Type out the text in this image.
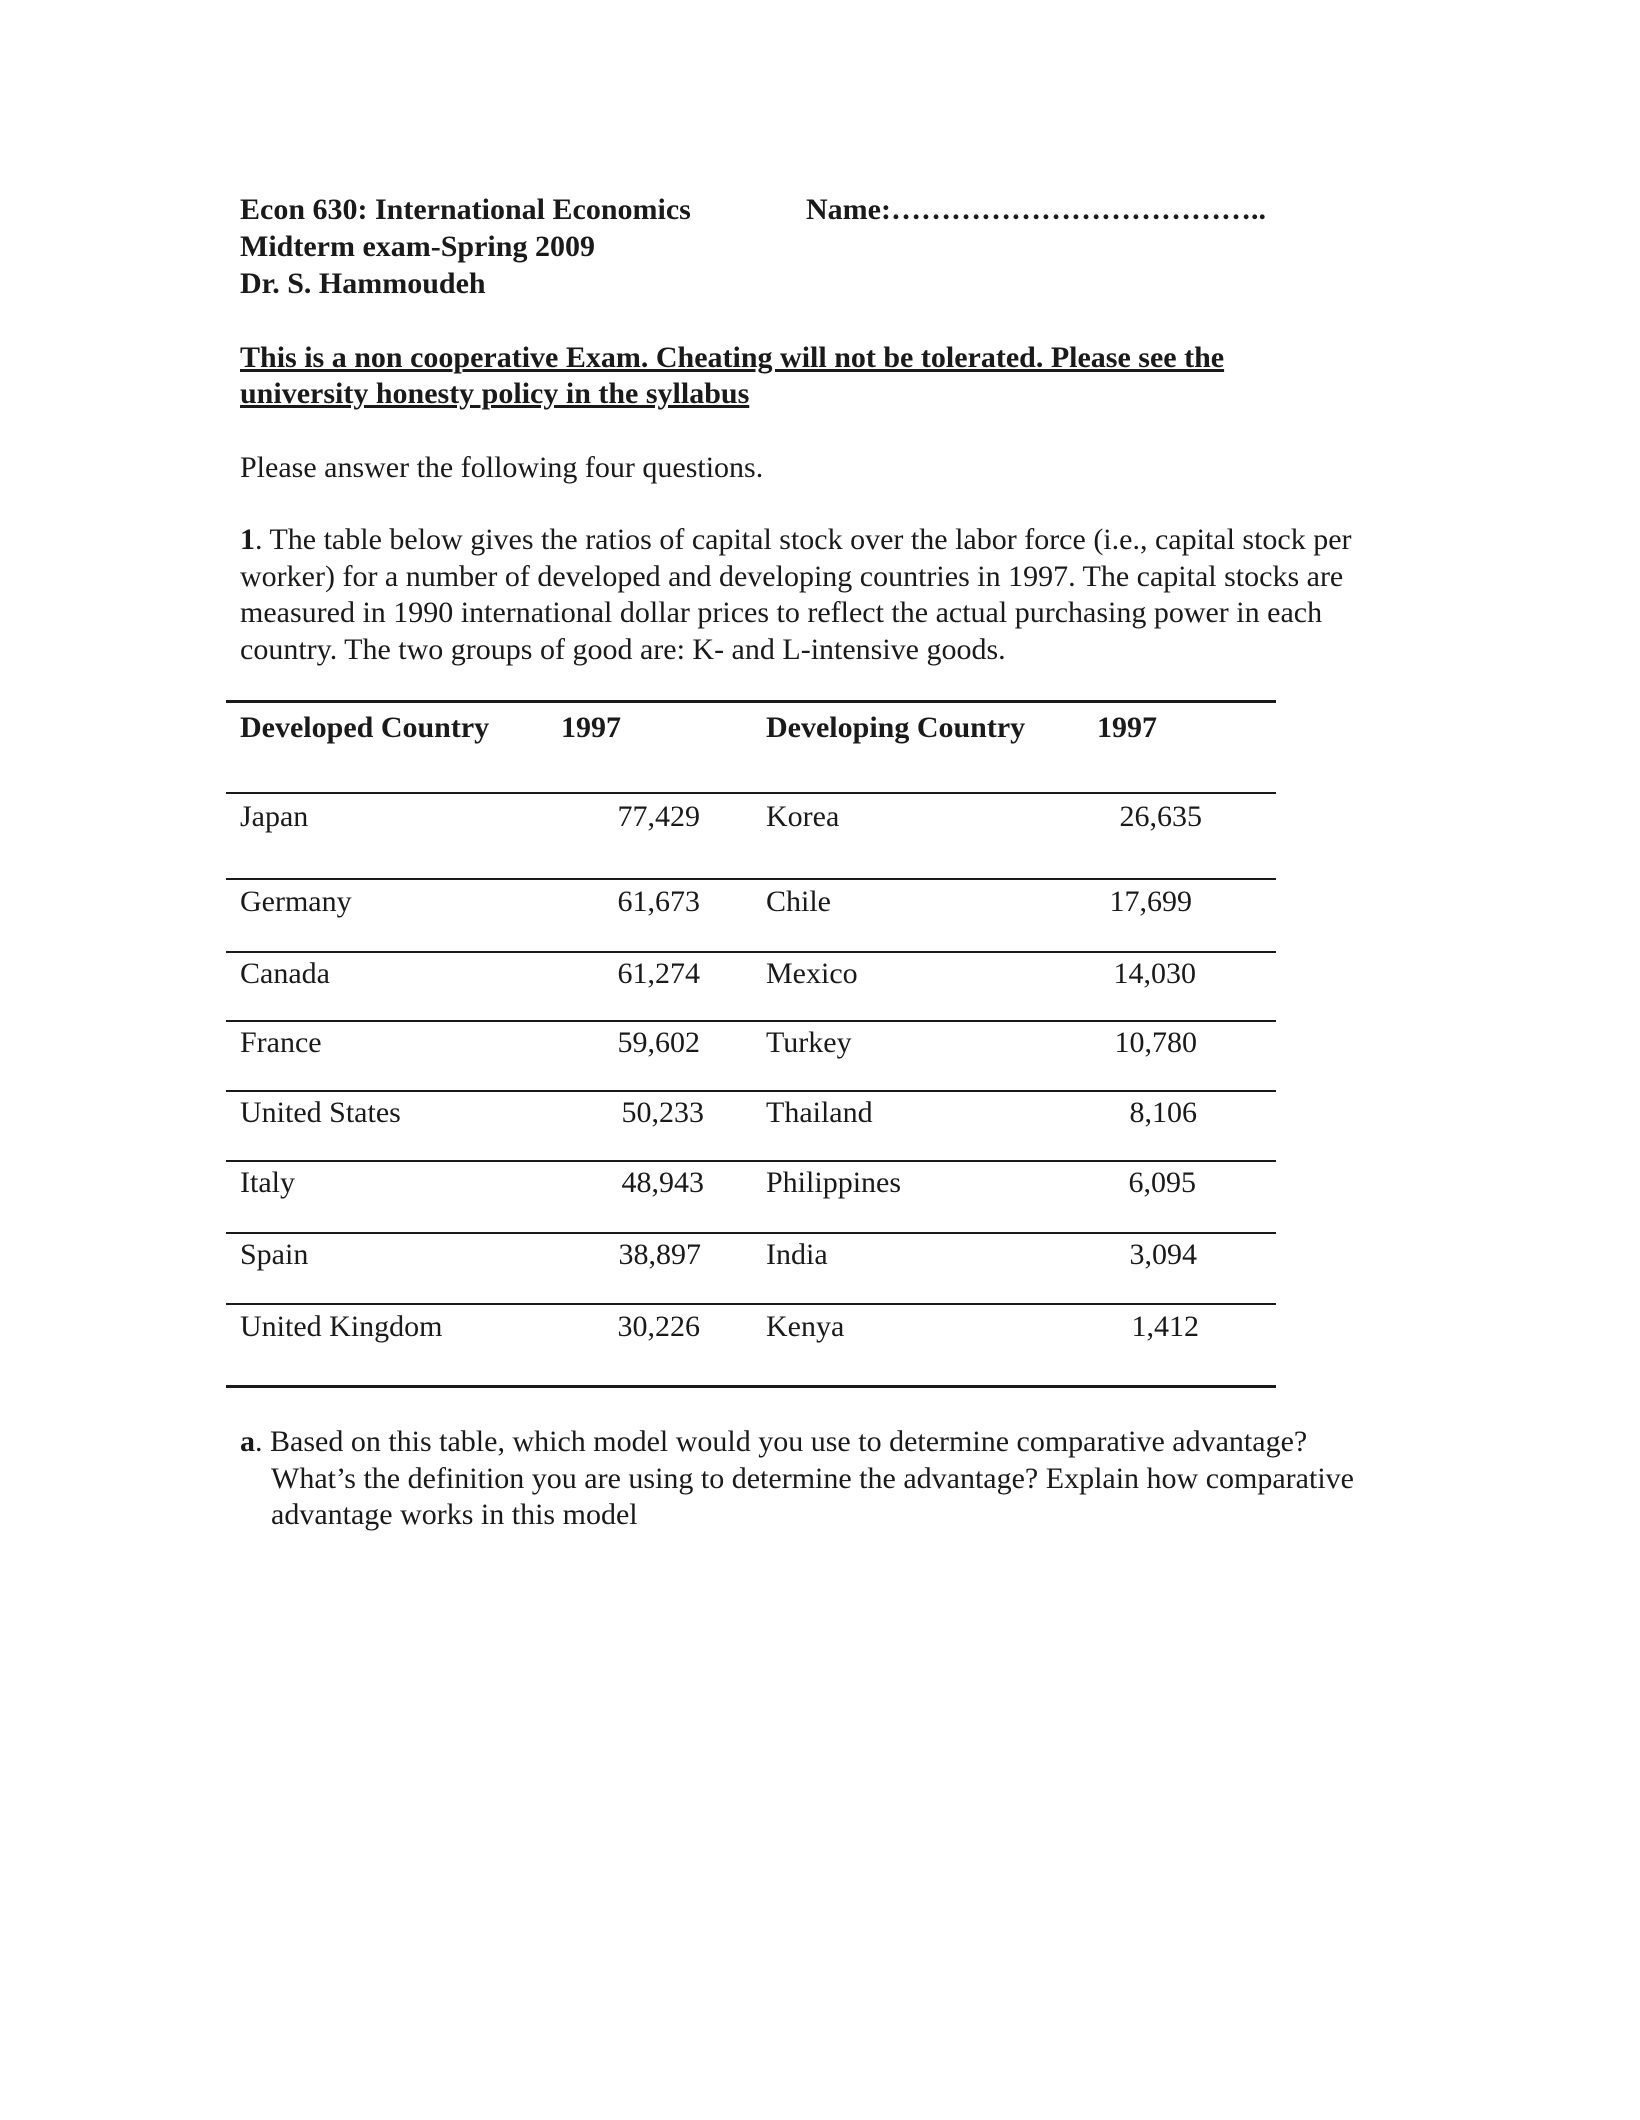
Econ 630: International Economics
Midterm exam-Spring 2009
Dr. S. Hammoudeh
Name:………………………………..
This is a non cooperative Exam. Cheating will not be tolerated. Please see the university honesty policy in the syllabus
Please answer the following four questions.
1. The table below gives the ratios of capital stock over the labor force (i.e., capital stock per worker) for a number of developed and developing countries in 1997. The capital stocks are measured in 1990 international dollar prices to reflect the actual purchasing power in each country. The two groups of good are: K- and L-intensive goods.
Developed Country 1997	Developing Country 1997
Japan	77,429 Korea	26,635
Germany	61,673 Chile	17,699
Canada	61,274 Mexico	14,030
France	59,602 Turkey	10,780
United States	50,233 Thailand	8,106
Italy	48,943 Philippines	6,095
Spain	38,897 India	3,094
United Kingdom	30,226 Kenya	1,412
a. Based on this table, which model would you use to determine comparative advantage? What’s the definition you are using to determine the advantage? Explain how comparative advantage works in this model
